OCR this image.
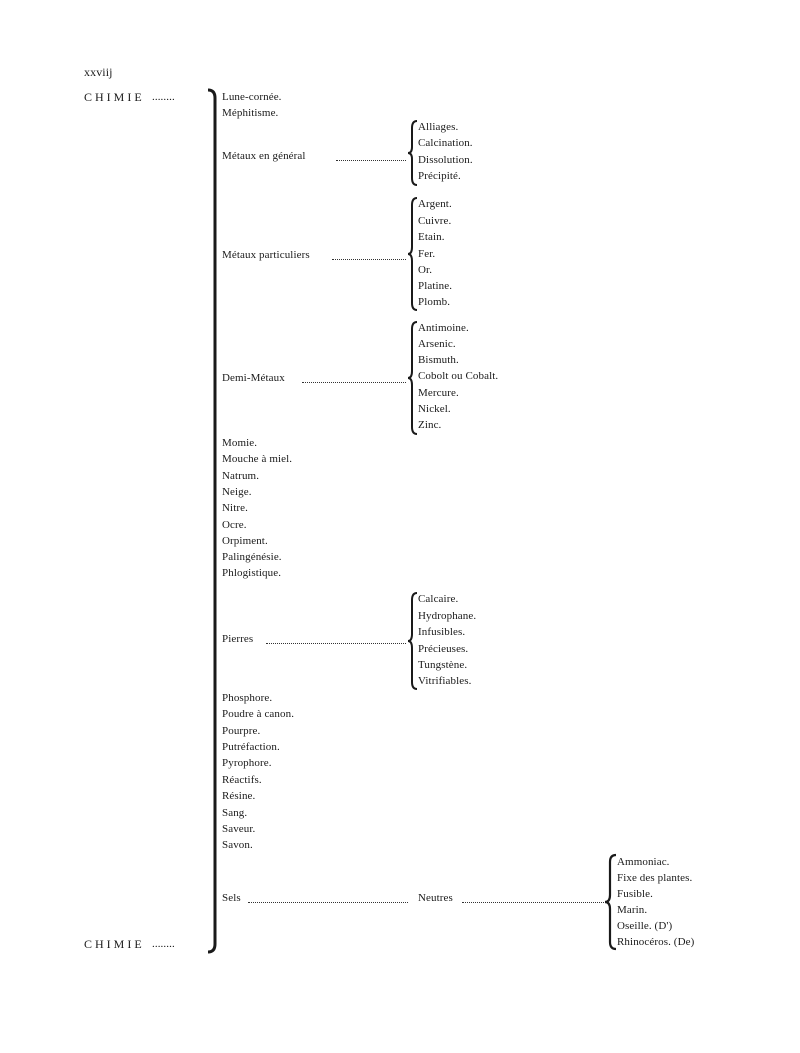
xxviij
CHIMIE ........
CHIMIE ........
Lune-cornée.
Méphitisme.
Métaux en général
Métaux particuliers
Demi-Métaux
Momie.
Mouche à miel.
Natrum.
Neige.
Nitre.
Ocre.
Orpiment.
Palingénésie.
Phlogistique.
Pierres
Phosphore.
Poudre à canon.
Pourpre.
Putréfaction.
Pyrophore.
Réactifs.
Résine.
Sang.
Saveur.
Savon.
Sels
Alliages.
Calcination.
Dissolution.
Précipité.
Argent.
Cuivre.
Etain.
Fer.
Or.
Platine.
Plomb.
Antimoine.
Arsenic.
Bismuth.
Cobolt ou Cobalt.
Mercure.
Nickel.
Zinc.
Calcaire.
Hydrophane.
Infusibles.
Précieuses.
Tungstène.
Vitrifiables.
Neutres
Ammoniac.
Fixe des plantes.
Fusible.
Marin.
Oseille. (D')
Rhinocéros. (De)
